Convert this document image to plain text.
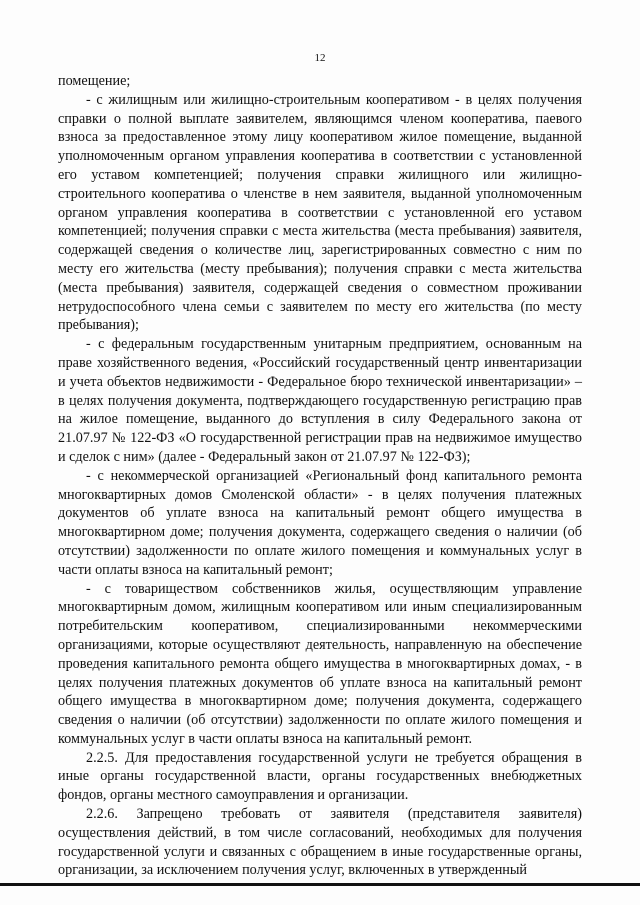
12

помещение;

- с жилищным или жилищно-строительным кооперативом - в целях получения справки о полной выплате заявителем, являющимся членом кооператива, паевого взноса за предоставленное этому лицу кооперативом жилое помещение, выданной уполномоченным органом управления кооператива в соответствии с установленной его уставом компетенцией; получения справки жилищного или жилищно-строительного кооператива о членстве в нем заявителя, выданной уполномоченным органом управления кооператива в соответствии с установленной его уставом компетенцией; получения справки с места жительства (места пребывания) заявителя, содержащей сведения о количестве лиц, зарегистрированных совместно с ним по месту его жительства (месту пребывания); получения справки с места жительства (места пребывания) заявителя, содержащей сведения о совместном проживании нетрудоспособного члена семьи с заявителем по месту его жительства (по месту пребывания);

- с федеральным государственным унитарным предприятием, основанным на праве хозяйственного ведения, «Российский государственный центр инвентаризации и учета объектов недвижимости - Федеральное бюро технической инвентаризации» – в целях получения документа, подтверждающего государственную регистрацию прав на жилое помещение, выданного до вступления в силу Федерального закона от 21.07.97 № 122-ФЗ «О государственной регистрации прав на недвижимое имущество и сделок с ним» (далее - Федеральный закон от 21.07.97 № 122-ФЗ);

- с некоммерческой организацией «Региональный фонд капитального ремонта многоквартирных домов Смоленской области» - в целях получения платежных документов об уплате взноса на капитальный ремонт общего имущества в многоквартирном доме; получения документа, содержащего сведения о наличии (об отсутствии) задолженности по оплате жилого помещения и коммунальных услуг в части оплаты взноса на капитальный ремонт;

- с товариществом собственников жилья, осуществляющим управление многоквартирным домом, жилищным кооперативом или иным специализированным потребительским кооперативом, специализированными некоммерческими организациями, которые осуществляют деятельность, направленную на обеспечение проведения капитального ремонта общего имущества в многоквартирных домах, - в целях получения платежных документов об уплате взноса на капитальный ремонт общего имущества в многоквартирном доме; получения документа, содержащего сведения о наличии (об отсутствии) задолженности по оплате жилого помещения и коммунальных услуг в части оплаты взноса на капитальный ремонт.

2.2.5. Для предоставления государственной услуги не требуется обращения в иные органы государственной власти, органы государственных внебюджетных фондов, органы местного самоуправления и организации.

2.2.6. Запрещено требовать от заявителя (представителя заявителя) осуществления действий, в том числе согласований, необходимых для получения государственной услуги и связанных с обращением в иные государственные органы, организации, за исключением получения услуг, включенных в утвержденный
